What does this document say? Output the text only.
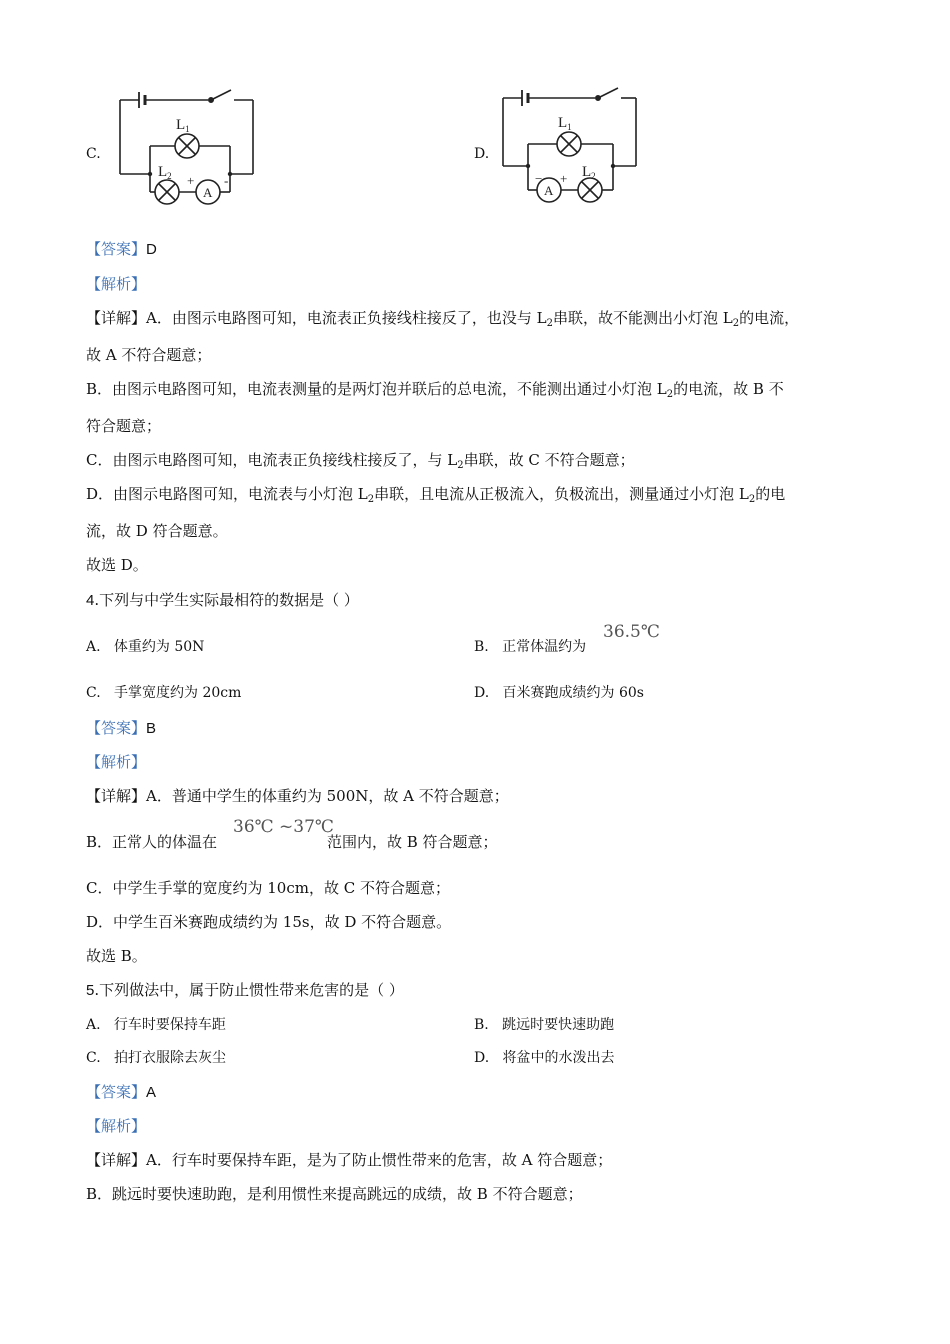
C.
$L_1$
$L_2$ + -
A
D.
$L_1$
$L_2$
− +
A
【答案】D
【解析】
【详解】A．由图示电路图可知，电流表正负接线柱接反了，也没与 $L_2$串联，故不能测出小灯泡 $L_2$的电流，
故 A 不符合题意；
B．由图示电路图可知，电流表测量的是两灯泡并联后的总电流，不能测出通过小灯泡 $L_2$的电流，故 B 不
符合题意；
C．由图示电路图可知，电流表正负接线柱接反了，与 $L_2$串联，故 C 不符合题意；
D．由图示电路图可知，电流表与小灯泡 $L_2$串联，且电流从正极流入，负极流出，测量通过小灯泡 $L_2$的电
流，故 D 符合题意。
故选 D。
4.下列与中学生实际最相符的数据是（ ）
A. 体重约为 50N	B. 正常体温约为
36.5℃
C. 手掌宽度约为 20cm	D. 百米赛跑成绩约为 60s
【答案】B
【解析】
【详解】A．普通中学生的体重约为 500N，故 A 不符合题意；
B．正常人的体温在
36℃ ~37℃
范围内，故 B 符合题意；
C．中学生手掌的宽度约为 10cm，故 C 不符合题意；
D．中学生百米赛跑成绩约为 15s，故 D 不符合题意。
故选 B。
5.下列做法中，属于防止惯性带来危害的是（ ）
A. 行车时要保持车距	B. 跳远时要快速助跑
C. 拍打衣服除去灰尘	D. 将盆中的水泼出去
【答案】A
【解析】
【详解】A．行车时要保持车距，是为了防止惯性带来的危害，故 A 符合题意；
B．跳远时要快速助跑，是利用惯性来提高跳远的成绩，故 B 不符合题意；
